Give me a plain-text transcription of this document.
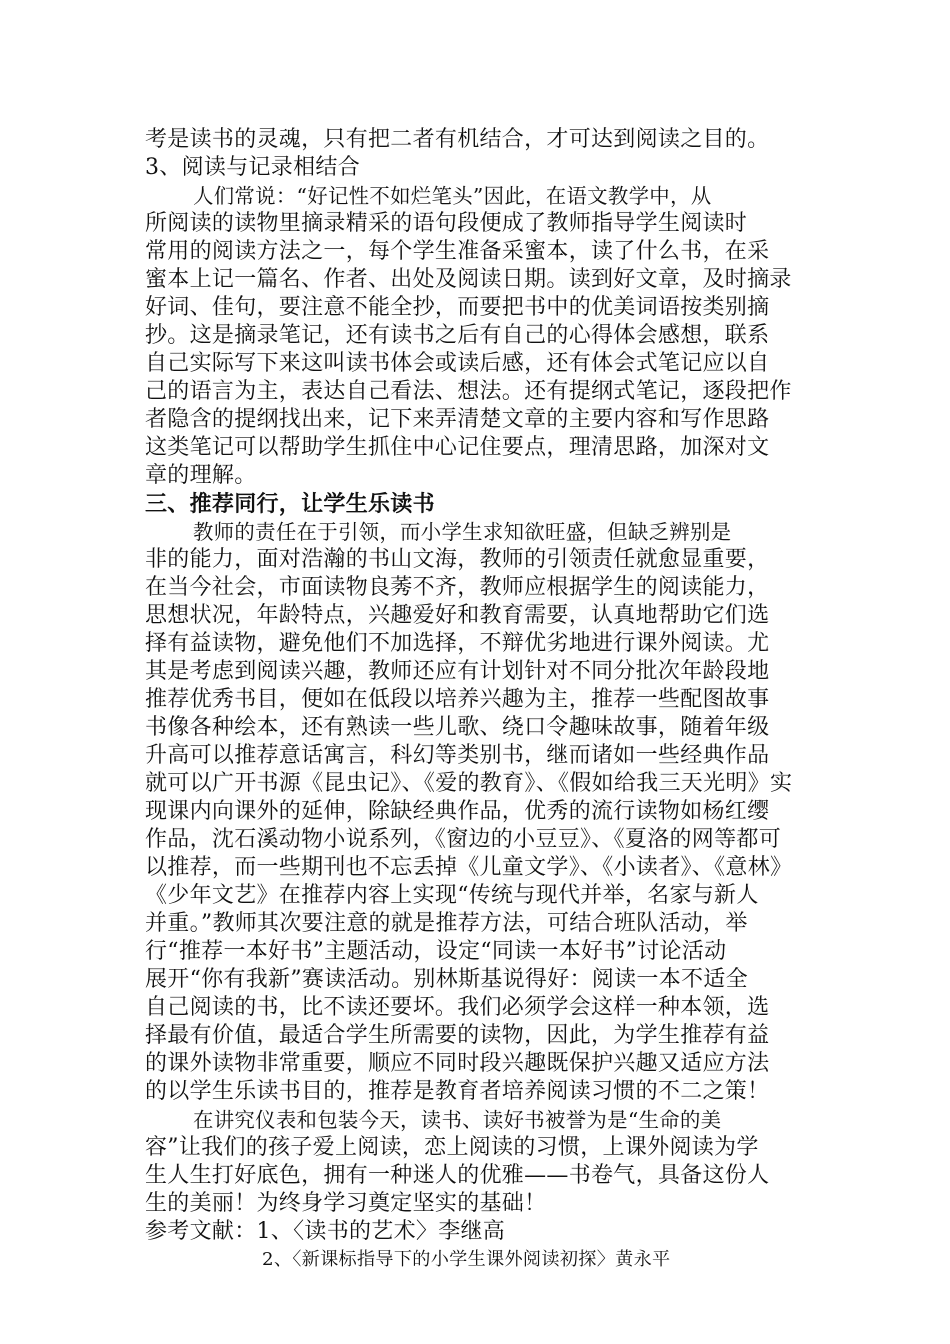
考是读书的灵魂，只有把二者有机结合，才可达到阅读之目的。
3、阅读与记录相结合
人们常说：“好记性不如烂笔头”因此，在语文教学中，从
所阅读的读物里摘录精采的语句段便成了教师指导学生阅读时
常用的阅读方法之一，每个学生准备采蜜本，读了什么书，在采
蜜本上记一篇名、作者、出处及阅读日期。读到好文章，及时摘录
好词、佳句，要注意不能全抄，而要把书中的优美词语按类别摘
抄。这是摘录笔记，还有读书之后有自己的心得体会感想，联系
自己实际写下来这叫读书体会或读后感，还有体会式笔记应以自
己的语言为主，表达自己看法、想法。还有提纲式笔记，逐段把作
者隐含的提纲找出来，记下来弄清楚文章的主要内容和写作思路
这类笔记可以帮助学生抓住中心记住要点，理清思路，加深对文
章的理解。
三、推荐同行，让学生乐读书
教师的责任在于引领，而小学生求知欲旺盛，但缺乏辨别是
非的能力，面对浩瀚的书山文海，教师的引领责任就愈显重要，
在当今社会，市面读物良莠不齐，教师应根据学生的阅读能力，
思想状况，年龄特点，兴趣爱好和教育需要，认真地帮助它们选
择有益读物，避免他们不加选择，不辩优劣地进行课外阅读。尤
其是考虑到阅读兴趣，教师还应有计划针对不同分批次年龄段地
推荐优秀书目，便如在低段以培养兴趣为主，推荐一些配图故事
书像各种绘本，还有熟读一些儿歌、绕口令趣味故事，随着年级
升高可以推荐意话寓言，科幻等类别书，继而诸如一些经典作品
就可以广开书源《昆虫记》、《爱的教育》、《假如给我三天光明》实
现课内向课外的延伸，除缺经典作品，优秀的流行读物如杨红缨
作品，沈石溪动物小说系列，《窗边的小豆豆》、《夏洛的网等都可
以推荐，而一些期刊也不忘丢掉《儿童文学》、《小读者》、《意林》
《少年文艺》在推荐内容上实现“传统与现代并举，名家与新人
并重。”教师其次要注意的就是推荐方法，可结合班队活动，举
行“推荐一本好书”主题活动，设定“同读一本好书”讨论活动
展开“你有我新”赛读活动。别林斯基说得好：阅读一本不适全
自己阅读的书，比不读还要坏。我们必须学会这样一种本领，选
择最有价值，最适合学生所需要的读物，因此，为学生推荐有益
的课外读物非常重要，顺应不同时段兴趣既保护兴趣又适应方法
的以学生乐读书目的，推荐是教育者培养阅读习惯的不二之策！
在讲究仪表和包装今天，读书、读好书被誉为是“生命的美
容”让我们的孩子爱上阅读，恋上阅读的习惯，上课外阅读为学
生人生打好底色，拥有一种迷人的优雅——书卷气，具备这份人
生的美丽！为终身学习奠定坚实的基础！
参考文献：1、〈读书的艺术〉李继高
2、〈新课标指导下的小学生课外阅读初探〉黄永平
